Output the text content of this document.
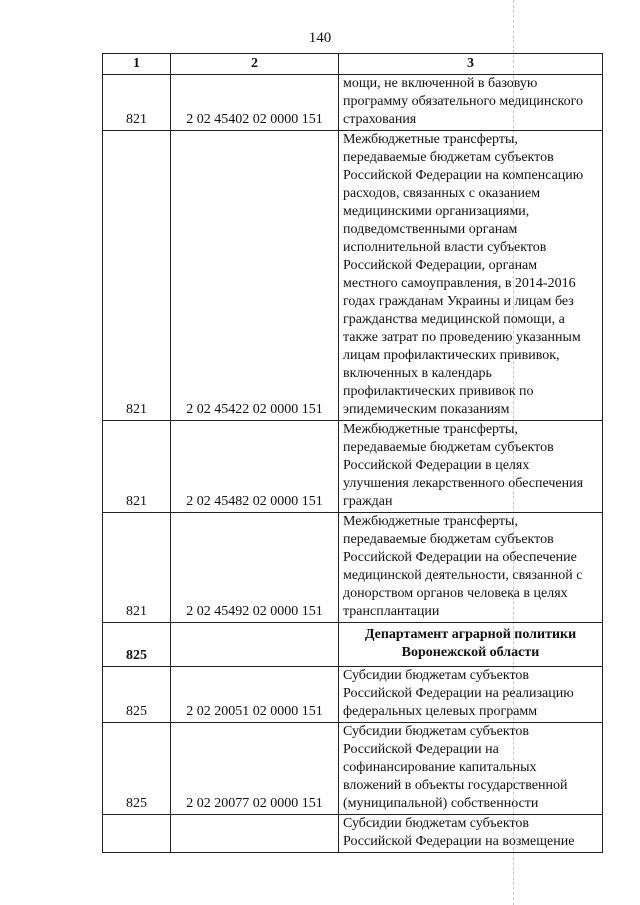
140
1	2	3
821	2 02 45402 02 0000 151	мощи, не включенной в базовую программу обязательного медицинского страхования

821	2 02 45422 02 0000 151	Межбюджетные трансферты, передаваемые бюджетам субъектов Российской Федерации на компенсацию расходов, связанных с оказанием медицинскими организациями, подведомственными органам исполнительной власти субъектов Российской Федерации, органам местного самоуправления, в 2014-2016 годах гражданам Украины и лицам без гражданства медицинской помощи, а также затрат по проведению указанным лицам профилактических прививок, включенных в календарь профилактических прививок по эпидемическим показаниям

821	2 02 45482 02 0000 151	Межбюджетные трансферты, передаваемые бюджетам субъектов Российской Федерации в целях улучшения лекарственного обеспечения граждан

821	2 02 45492 02 0000 151	Межбюджетные трансферты, передаваемые бюджетам субъектов Российской Федерации на обеспечение медицинской деятельности, связанной с донорством органов человека в целях трансплантации

825		Департамент аграрной политики Воронежской области
825	2 02 20051 02 0000 151	Субсидии бюджетам субъектов Российской Федерации на реализацию федеральных целевых программ

825	2 02 20077 02 0000 151	Субсидии бюджетам субъектов Российской Федерации на софинансирование капитальных вложений в объекты государственной (муниципальной) собственности

		Субсидии бюджетам субъектов Российской Федерации на возмещение
